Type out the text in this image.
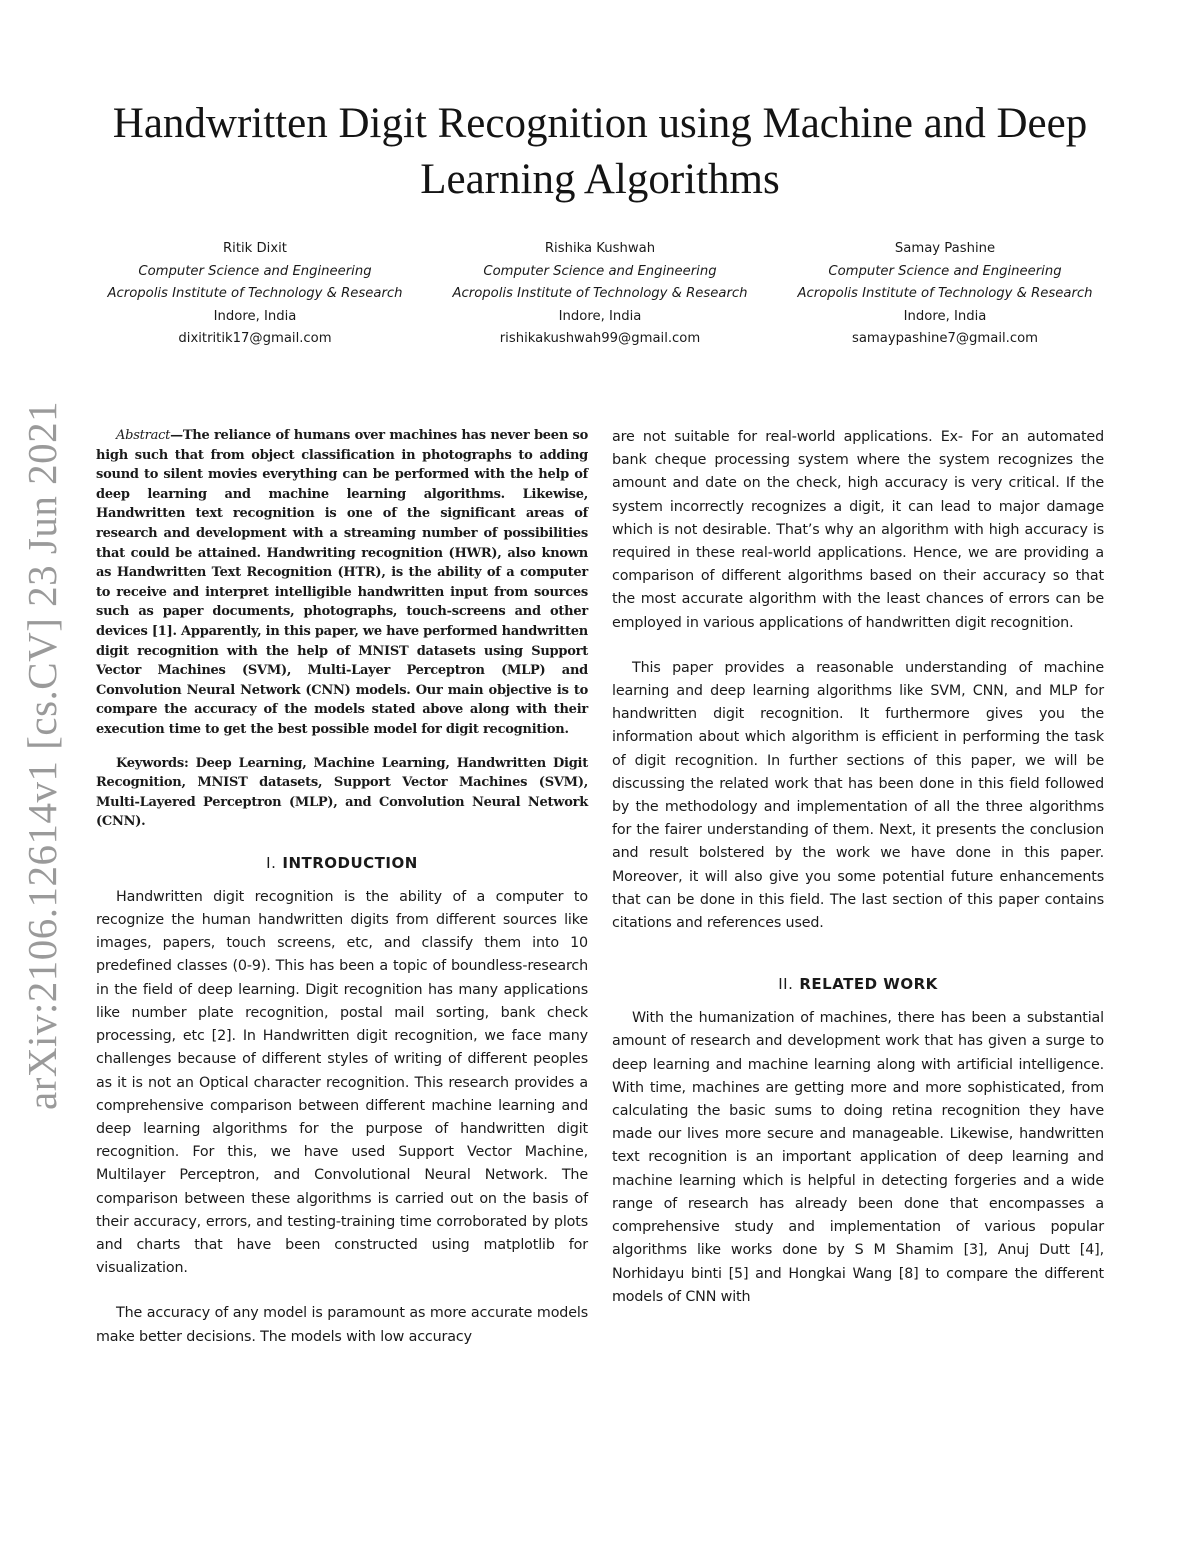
arXiv:2106.12614v1 [cs.CV] 23 Jun 2021
Handwritten Digit Recognition using Machine and Deep Learning Algorithms
Ritik Dixit
Computer Science and Engineering
Acropolis Institute of Technology & Research
Indore, India
dixitritik17@gmail.com
Rishika Kushwah
Computer Science and Engineering
Acropolis Institute of Technology & Research
Indore, India
rishikakushwah99@gmail.com
Samay Pashine
Computer Science and Engineering
Acropolis Institute of Technology & Research
Indore, India
samaypashine7@gmail.com

Abstract—The reliance of humans over machines has never been so high such that from object classification in photographs to adding sound to silent movies everything can be performed with the help of deep learning and machine learning algorithms. Likewise, Handwritten text recognition is one of the significant areas of research and development with a streaming number of possibilities that could be attained. Handwriting recognition (HWR), also known as Handwritten Text Recognition (HTR), is the ability of a computer to receive and interpret intelligible handwritten input from sources such as paper documents, photographs, touch-screens and other devices [1]. Apparently, in this paper, we have performed handwritten digit recognition with the help of MNIST datasets using Support Vector Machines (SVM), Multi-Layer Perceptron (MLP) and Convolution Neural Network (CNN) models. Our main objective is to compare the accuracy of the models stated above along with their execution time to get the best possible model for digit recognition.

Keywords: Deep Learning, Machine Learning, Handwritten Digit Recognition, MNIST datasets, Support Vector Machines (SVM), Multi-Layered Perceptron (MLP), and Convolution Neural Network (CNN).

I. INTRODUCTION

Handwritten digit recognition is the ability of a computer to recognize the human handwritten digits from different sources like images, papers, touch screens, etc, and classify them into 10 predefined classes (0-9). This has been a topic of boundless-research in the field of deep learning. Digit recognition has many applications like number plate recognition, postal mail sorting, bank check processing, etc [2]. In Handwritten digit recognition, we face many challenges because of different styles of writing of different peoples as it is not an Optical character recognition. This research provides a comprehensive comparison between different machine learning and deep learning algorithms for the purpose of handwritten digit recognition. For this, we have used Support Vector Machine, Multilayer Perceptron, and Convolutional Neural Network. The comparison between these algorithms is carried out on the basis of their accuracy, errors, and testing-training time corroborated by plots and charts that have been constructed using matplotlib for visualization.

The accuracy of any model is paramount as more accurate models make better decisions. The models with low accuracy

are not suitable for real-world applications. Ex- For an automated bank cheque processing system where the system recognizes the amount and date on the check, high accuracy is very critical. If the system incorrectly recognizes a digit, it can lead to major damage which is not desirable. That’s why an algorithm with high accuracy is required in these real-world applications. Hence, we are providing a comparison of different algorithms based on their accuracy so that the most accurate algorithm with the least chances of errors can be employed in various applications of handwritten digit recognition.

This paper provides a reasonable understanding of machine learning and deep learning algorithms like SVM, CNN, and MLP for handwritten digit recognition. It furthermore gives you the information about which algorithm is efficient in performing the task of digit recognition. In further sections of this paper, we will be discussing the related work that has been done in this field followed by the methodology and implementation of all the three algorithms for the fairer understanding of them. Next, it presents the conclusion and result bolstered by the work we have done in this paper. Moreover, it will also give you some potential future enhancements that can be done in this field. The last section of this paper contains citations and references used.

II. RELATED WORK

With the humanization of machines, there has been a substantial amount of research and development work that has given a surge to deep learning and machine learning along with artificial intelligence. With time, machines are getting more and more sophisticated, from calculating the basic sums to doing retina recognition they have made our lives more secure and manageable. Likewise, handwritten text recognition is an important application of deep learning and machine learning which is helpful in detecting forgeries and a wide range of research has already been done that encompasses a comprehensive study and implementation of various popular algorithms like works done by S M Shamim [3], Anuj Dutt [4], Norhidayu binti [5] and Hongkai Wang [8] to compare the different models of CNN with
